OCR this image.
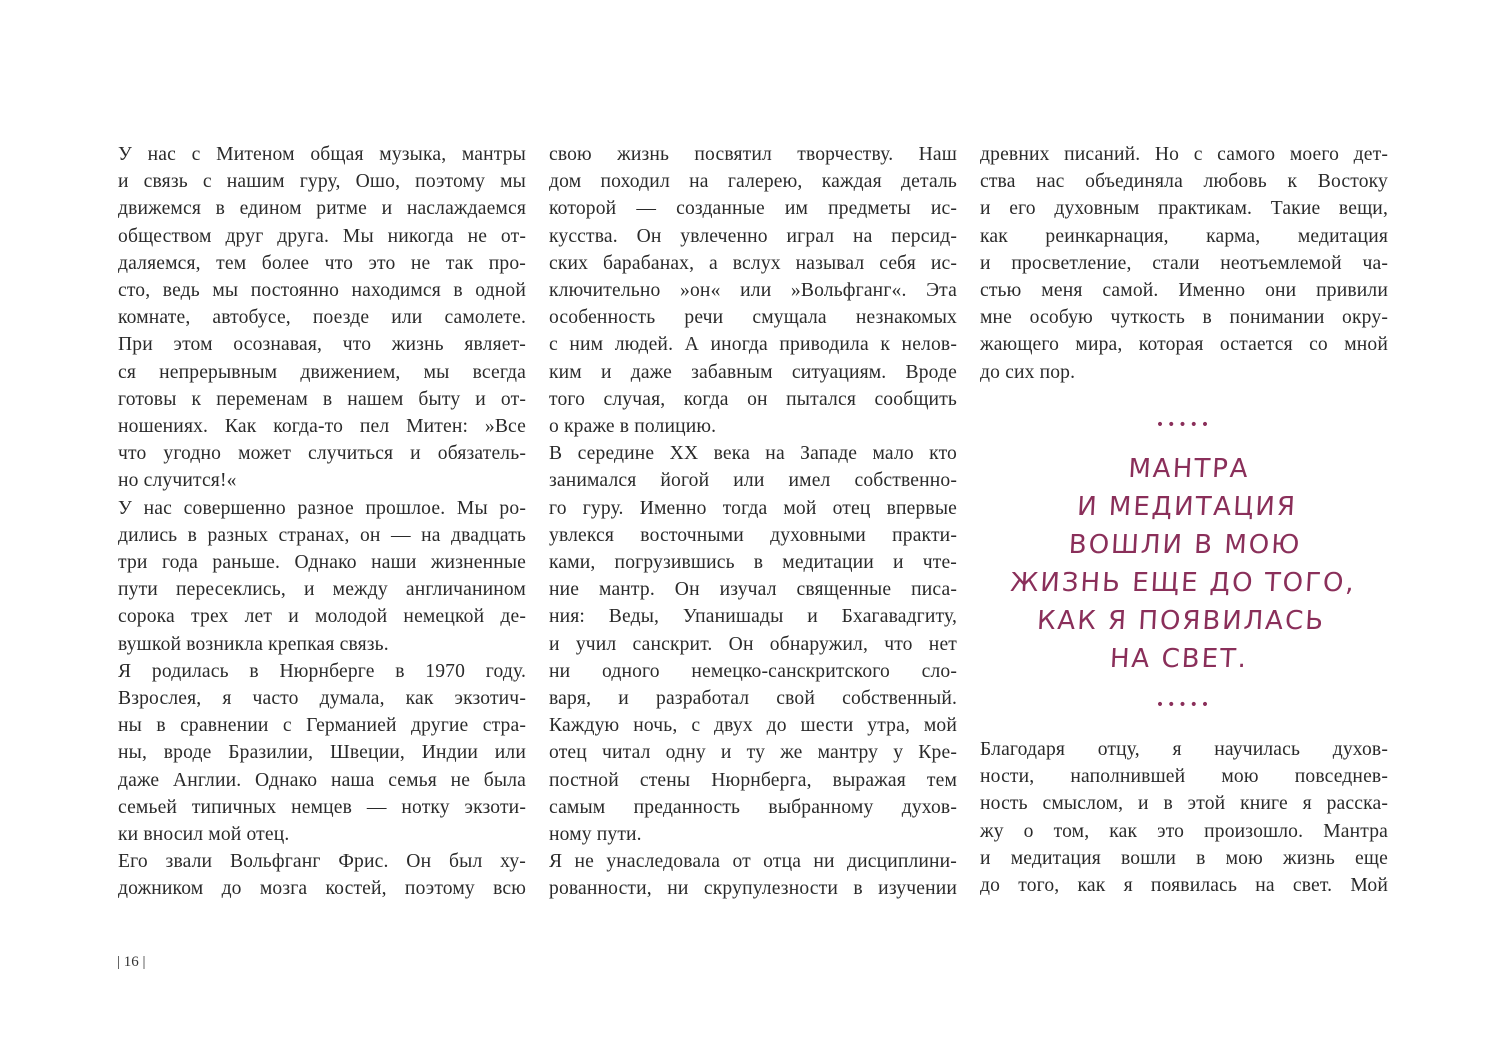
У нас с Митеном общая музыка, мантры
и связь с нашим гуру, Ошо, поэтому мы
движемся в едином ритме и наслаждаемся
обществом друг друга. Мы никогда не от-
даляемся, тем более что это не так про-
сто, ведь мы постоянно находимся в одной
комнате, автобусе, поезде или самолете.
При этом осознавая, что жизнь являет-
ся непрерывным движением, мы всегда
готовы к переменам в нашем быту и от-
ношениях. Как когда-то пел Митен: »Все
что угодно может случиться и обязатель-
но случится!«
У нас совершенно разное прошлое. Мы ро-
дились в разных странах, он — на двадцать
три года раньше. Однако наши жизненные
пути пересеклись, и между англичанином
сорока трех лет и молодой немецкой де-
вушкой возникла крепкая связь.
Я родилась в Нюрнберге в 1970 году.
Взрослея, я часто думала, как экзотич-
ны в сравнении с Германией другие стра-
ны, вроде Бразилии, Швеции, Индии или
даже Англии. Однако наша семья не была
семьей типичных немцев — нотку экзоти-
ки вносил мой отец.
Его звали Вольфганг Фрис. Он был ху-
дожником до мозга костей, поэтому всю
свою жизнь посвятил творчеству. Наш
дом походил на галерею, каждая деталь
которой — созданные им предметы ис-
кусства. Он увлеченно играл на персид-
ских барабанах, а вслух называл себя ис-
ключительно »он« или »Вольфганг«. Эта
особенность речи смущала незнакомых
с ним людей. А иногда приводила к нелов-
ким и даже забавным ситуациям. Вроде
того случая, когда он пытался сообщить
о краже в полицию.
В середине XX века на Западе мало кто
занимался йогой или имел собственно-
го гуру. Именно тогда мой отец впервые
увлекся восточными духовными практи-
ками, погрузившись в медитации и чте-
ние мантр. Он изучал священные писа-
ния: Веды, Упанишады и Бхагавадгиту,
и учил санскрит. Он обнаружил, что нет
ни одного немецко-санскритского сло-
варя, и разработал свой собственный.
Каждую ночь, с двух до шести утра, мой
отец читал одну и ту же мантру у Кре-
постной стены Нюрнберга, выражая тем
самым преданность выбранному духов-
ному пути.
Я не унаследовала от отца ни дисциплини-
рованности, ни скрупулезности в изучении
древних писаний. Но с самого моего дет-
ства нас объединяла любовь к Востоку
и его духовным практикам. Такие вещи,
как реинкарнация, карма, медитация
и просветление, стали неотъемлемой ча-
стью меня самой. Именно они привили
мне особую чуткость в понимании окру-
жающего мира, которая остается со мной
до сих пор.
•••••
МАНТРА
И МЕДИТАЦИЯ
ВОШЛИ В МОЮ
ЖИЗНЬ ЕЩЕ ДО ТОГО,
КАК Я ПОЯВИЛАСЬ
НА СВЕТ.
•••••
Благодаря отцу, я научилась духов-
ности, наполнившей мою повседнев-
ность смыслом, и в этой книге я расска-
жу о том, как это произошло. Мантра
и медитация вошли в мою жизнь еще
до того, как я появилась на свет. Мой
| 16 |
